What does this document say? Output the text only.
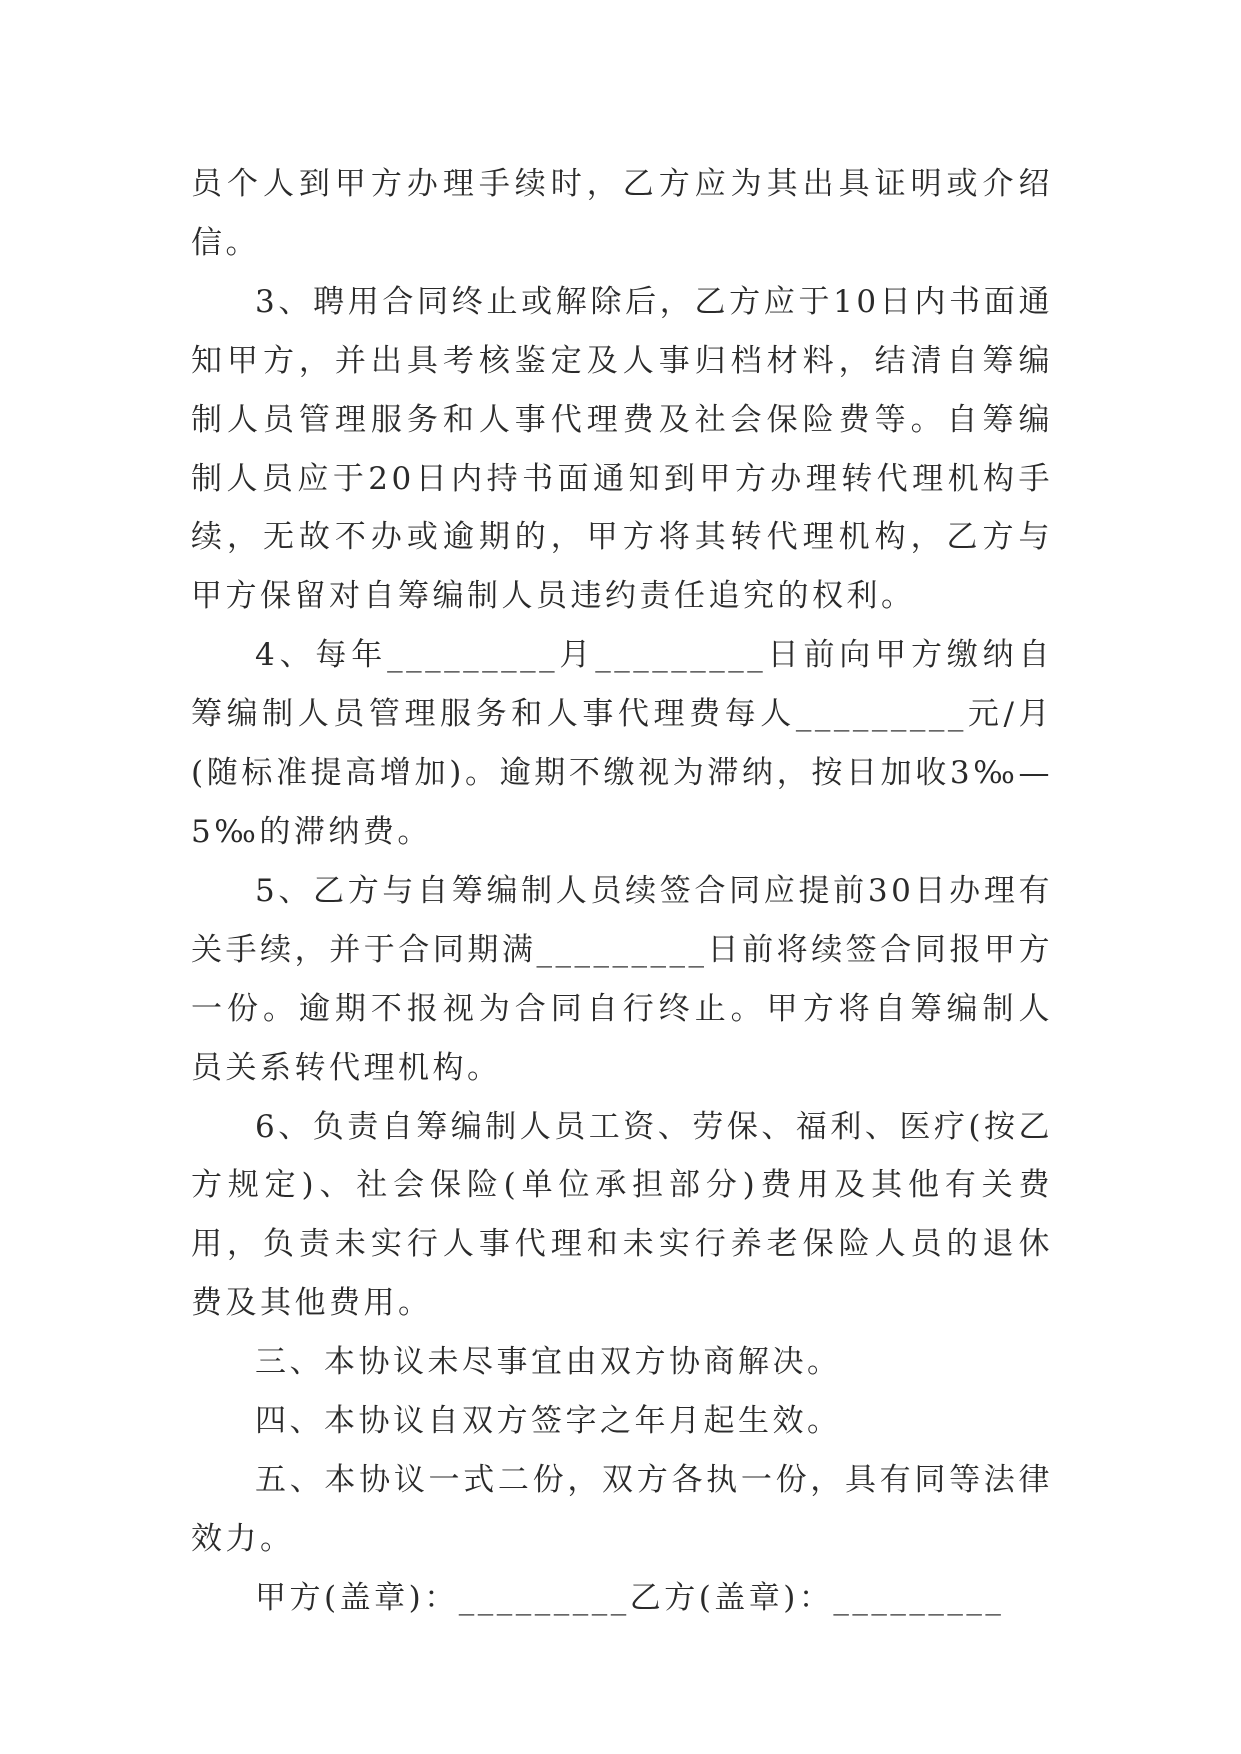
员个人到甲方办理手续时，乙方应为其出具证明或介绍信。

3、聘用合同终止或解除后，乙方应于10日内书面通知甲方，并出具考核鉴定及人事归档材料，结清自筹编制人员管理服务和人事代理费及社会保险费等。自筹编制人员应于20日内持书面通知到甲方办理转代理机构手续，无故不办或逾期的，甲方将其转代理机构，乙方与甲方保留对自筹编制人员违约责任追究的权利。

4、每年_________月_________日前向甲方缴纳自筹编制人员管理服务和人事代理费每人_________元/月(随标准提高增加)。逾期不缴视为滞纳，按日加收3‰—5‰的滞纳费。

5、乙方与自筹编制人员续签合同应提前30日办理有关手续，并于合同期满_________日前将续签合同报甲方一份。逾期不报视为合同自行终止。甲方将自筹编制人员关系转代理机构。

6、负责自筹编制人员工资、劳保、福利、医疗(按乙方规定)、社会保险(单位承担部分)费用及其他有关费用，负责未实行人事代理和未实行养老保险人员的退休费及其他费用。

三、本协议未尽事宜由双方协商解决。

四、本协议自双方签字之年月起生效。

五、本协议一式二份，双方各执一份，具有同等法律效力。

甲方(盖章)：_________乙方(盖章)：_________
